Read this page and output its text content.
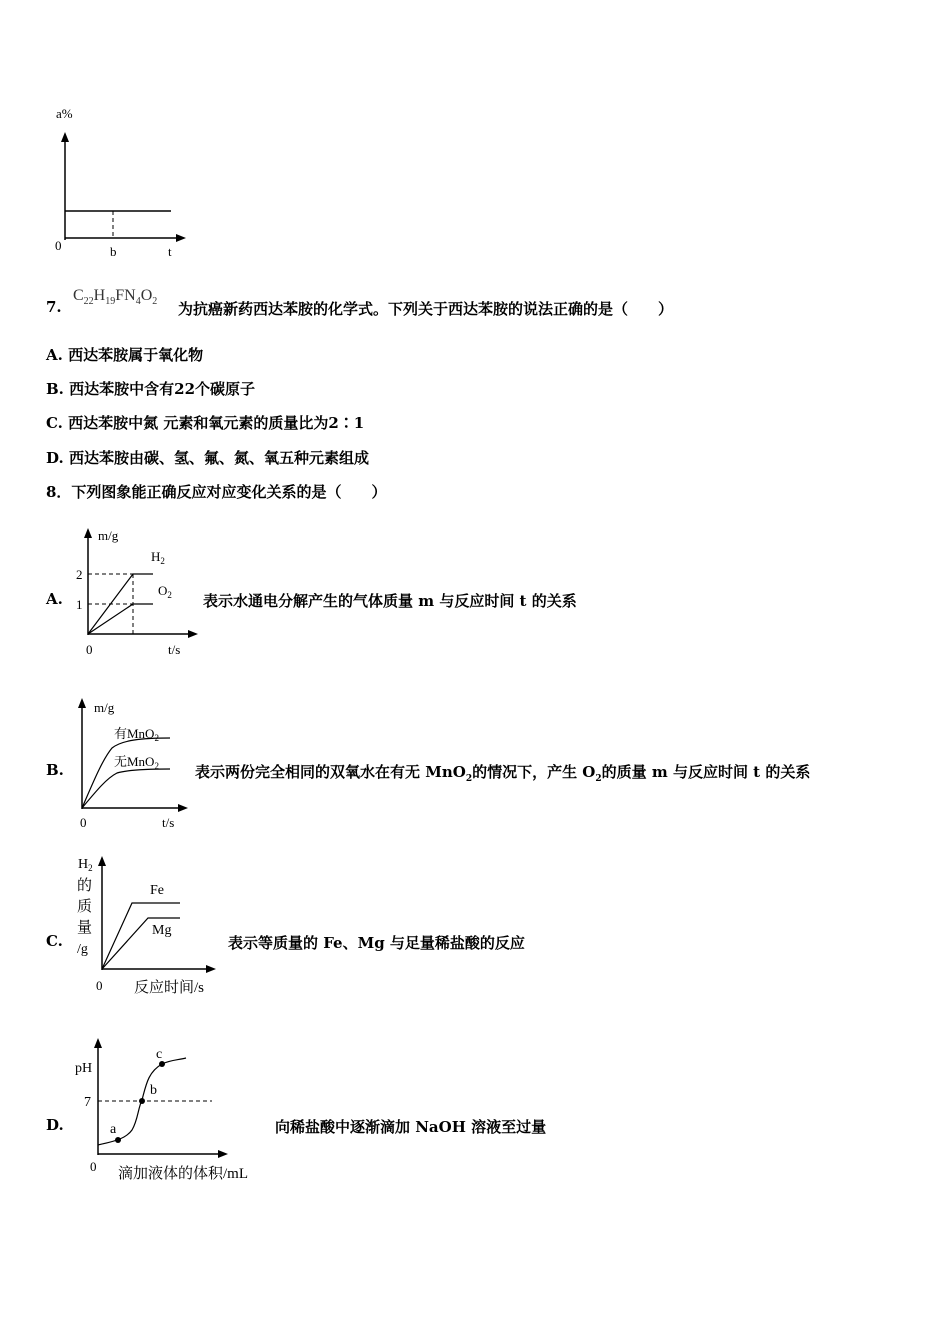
a%
0	b	t
7.
$C_{22}H_{19}FN_4O_2$ 为抗癌新药西达苯胺的化学式。下列关于西达苯胺的说法正确的是（　　）
A. 西达苯胺属于氧化物
B. 西达苯胺中含有22个碳原子
C. 西达苯胺中氮 元素和氧元素的质量比为2∶1
D. 西达苯胺由碳、氢、氟、氮、氧五种元素组成
8．下列图象能正确反应对应变化关系的是（　　）
A.
m/g
2
1
$H_2$
$O_2$
0	t/s
表示水通电分解产生的气体质量 m 与反应时间 t 的关系
B.
m/g
有MnO$_2$
无MnO$_2$
0	t/s
表示两份完全相同的双氧水在有无 MnO$_2$的情况下，产生 $O_2$的质量 m 与反应时间 t 的关系
C.
$H_2$
的
质
量
/g
Fe
Mg
0 反应时间/s
表示等质量的 Fe、Mg 与足量稀盐酸的反应
D.
pH
7
a
b
c
0 滴加液体的体积/mL
向稀盐酸中逐渐滴加 NaOH 溶液至过量
